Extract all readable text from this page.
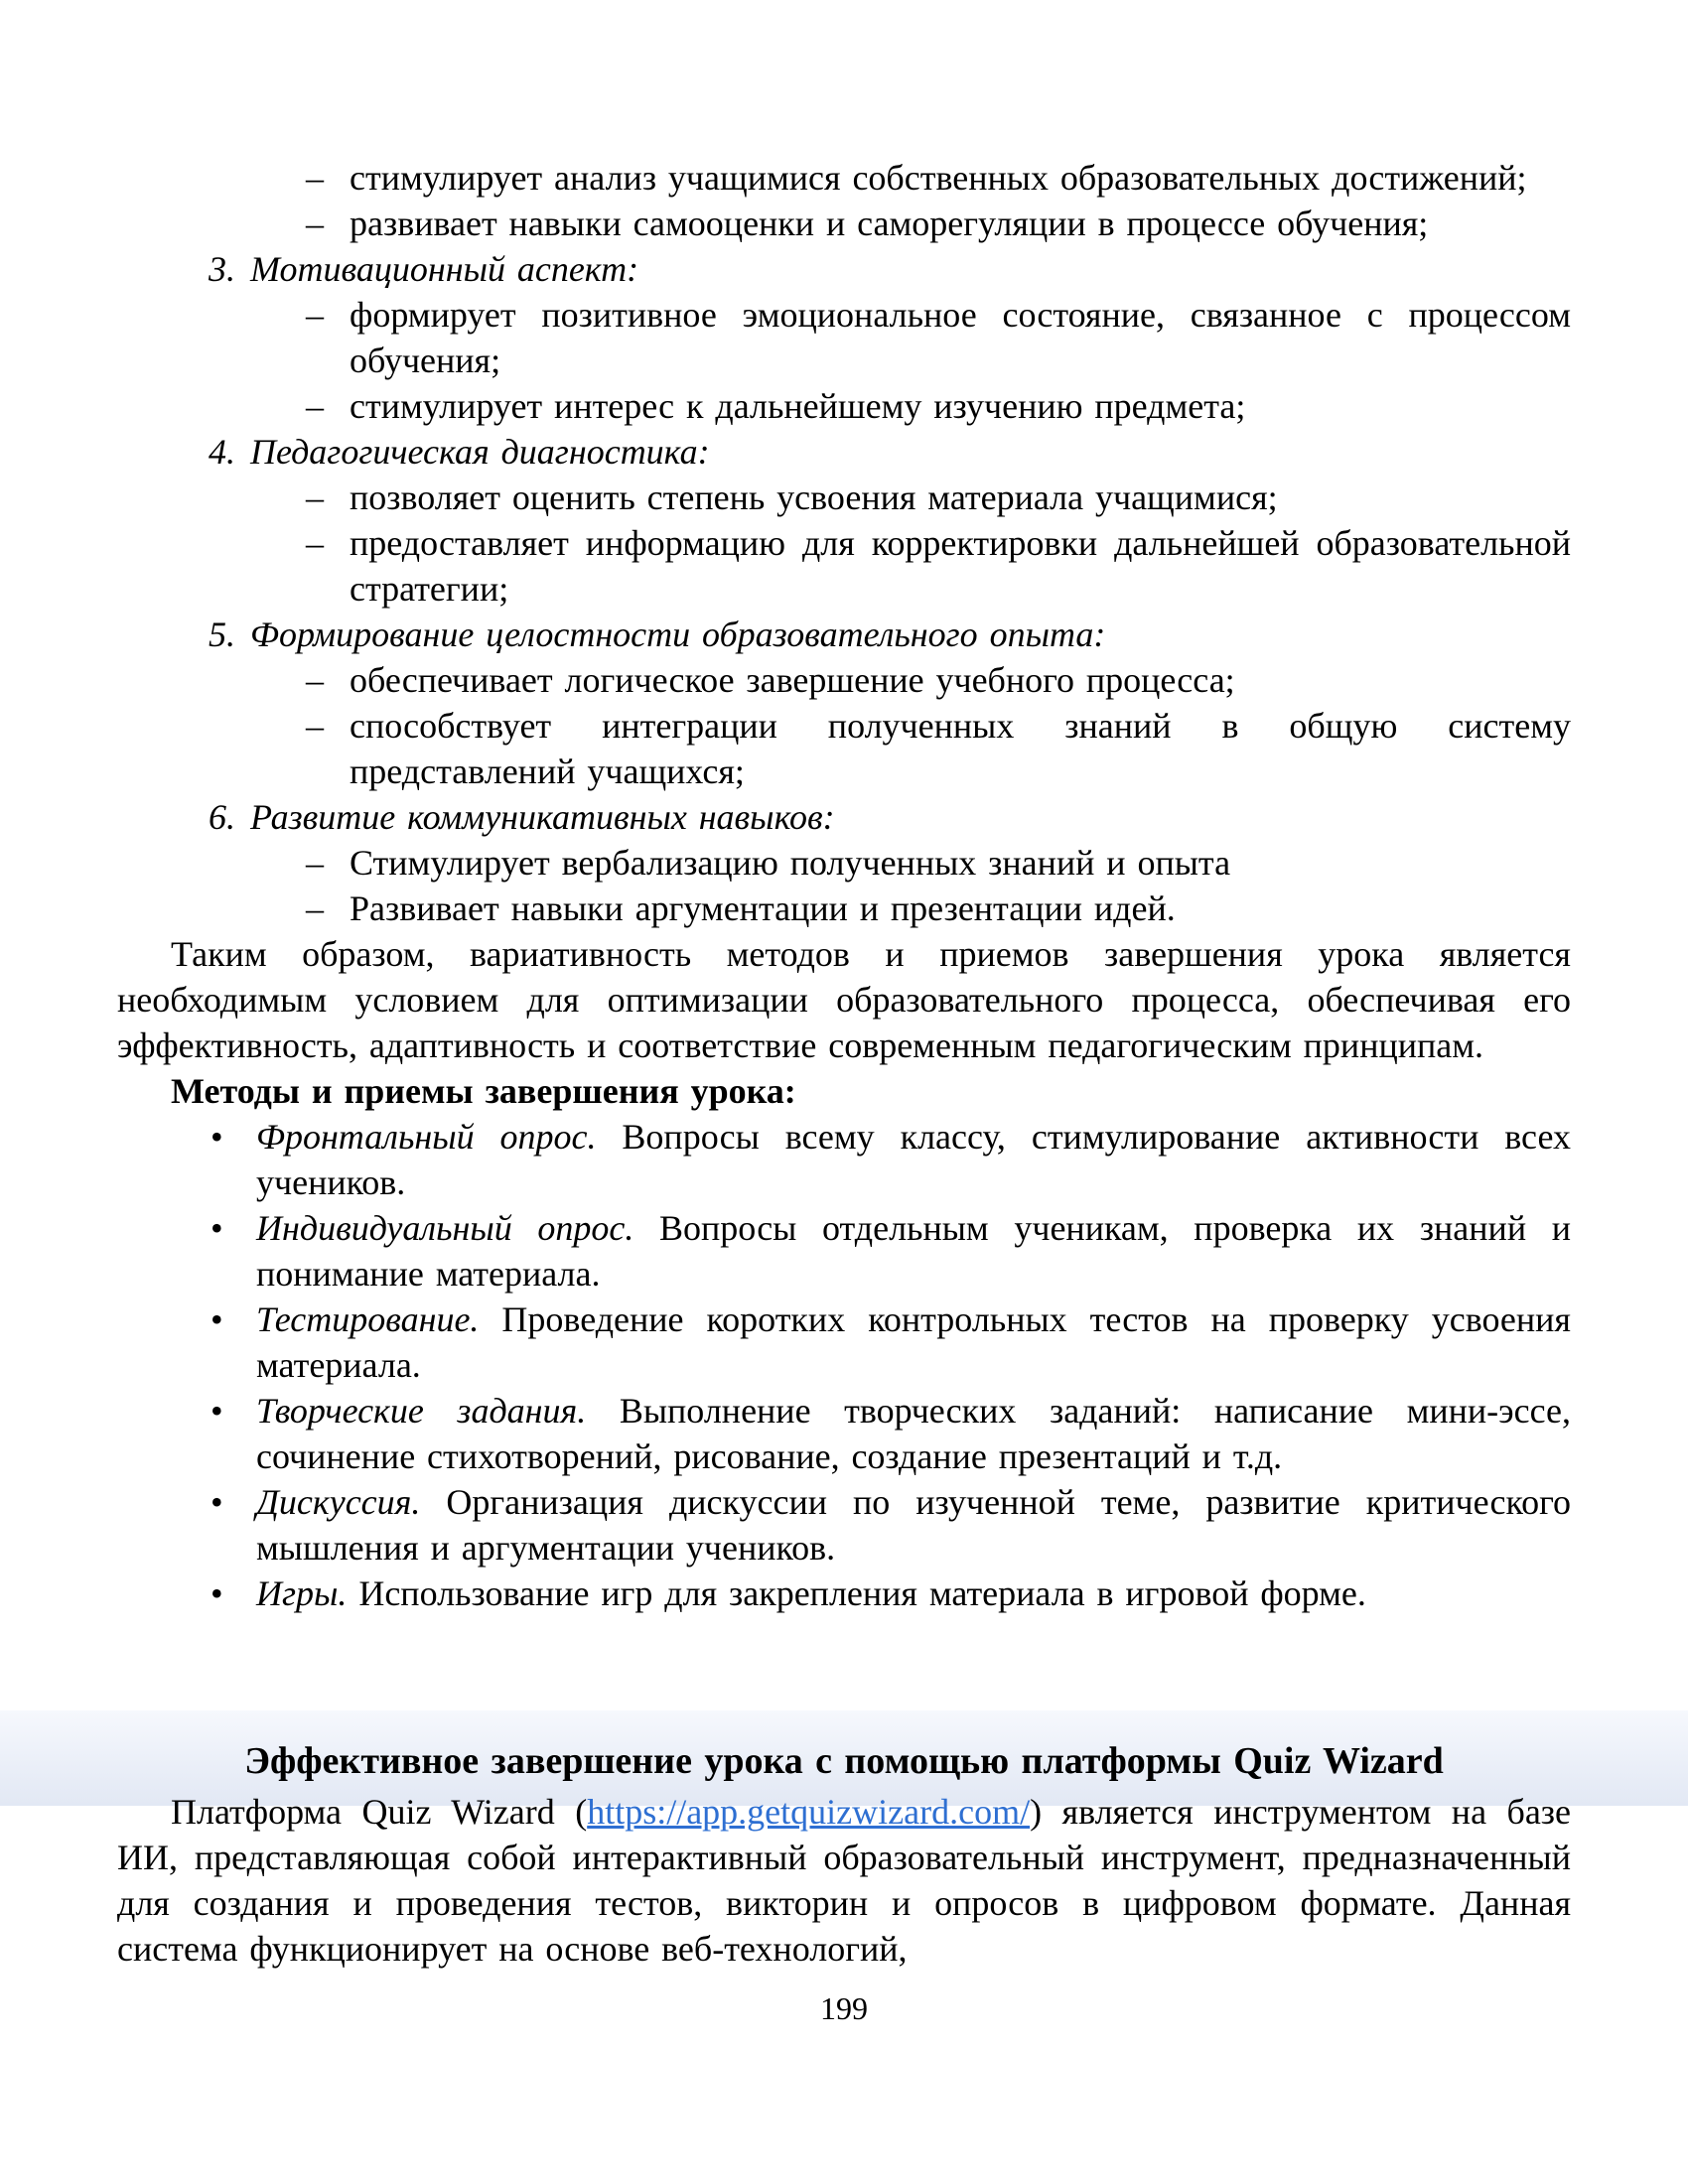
– стимулирует анализ учащимися собственных образовательных достижений;
– развивает навыки самооценки и саморегуляции в процессе обучения;
3. Мотивационный аспект:
– формирует позитивное эмоциональное состояние, связанное с процессом обучения;
– стимулирует интерес к дальнейшему изучению предмета;
4. Педагогическая диагностика:
– позволяет оценить степень усвоения материала учащимися;
– предоставляет информацию для корректировки дальнейшей образовательной стратегии;
5. Формирование целостности образовательного опыта:
– обеспечивает логическое завершение учебного процесса;
– способствует интеграции полученных знаний в общую систему представлений учащихся;
6. Развитие коммуникативных навыков:
– Стимулирует вербализацию полученных знаний и опыта
– Развивает навыки аргументации и презентации идей.

Таким образом, вариативность методов и приемов завершения урока является необходимым условием для оптимизации образовательного процесса, обеспечивая его эффективность, адаптивность и соответствие современным педагогическим принципам.

Методы и приемы завершения урока:

• Фронтальный опрос. Вопросы всему классу, стимулирование активности всех учеников.
• Индивидуальный опрос. Вопросы отдельным ученикам, проверка их знаний и понимание материала.
• Тестирование. Проведение коротких контрольных тестов на проверку усвоения материала.
• Творческие задания. Выполнение творческих заданий: написание мини-эссе, сочинение стихотворений, рисование, создание презентаций и т.д.
• Дискуссия. Организация дискуссии по изученной теме, развитие критического мышления и аргументации учеников.
• Игры. Использование игр для закрепления материала в игровой форме.

Эффективное завершение урока с помощью платформы Quiz Wizard

Платформа Quiz Wizard (https://app.getquizwizard.com/) является инструментом на базе ИИ, представляющая собой интерактивный образовательный инструмент, предназначенный для создания и проведения тестов, викторин и опросов в цифровом формате. Данная система функционирует на основе веб-технологий,

199
